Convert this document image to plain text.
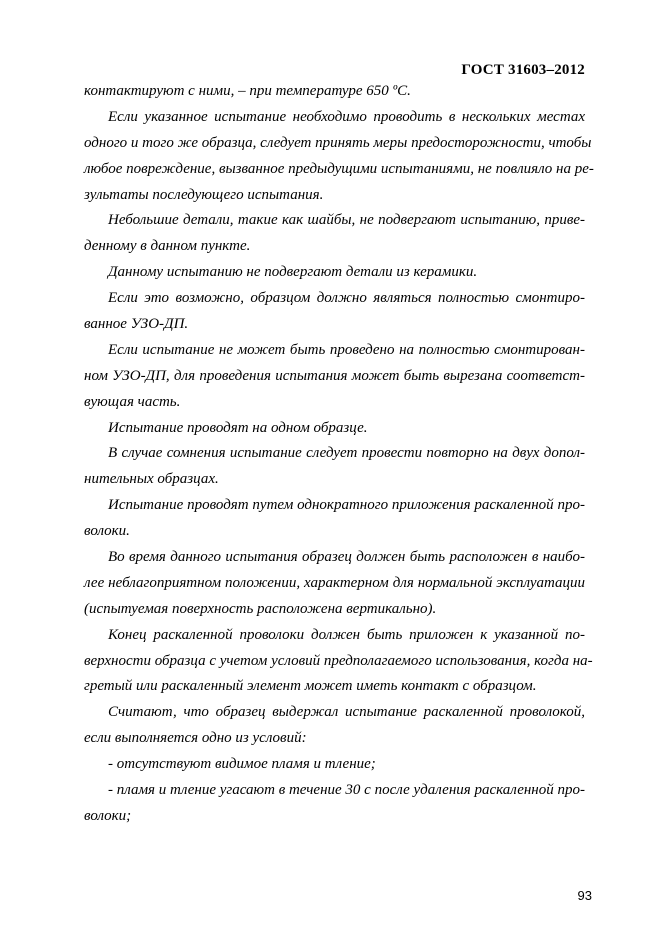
ГОСТ 31603–2012
контактируют с ними, – при температуре 650 ºС.
Если указанное испытание необходимо проводить в нескольких местах
одного и того же образца, следует принять меры предосторожности, чтобы
любое повреждение, вызванное предыдущими испытаниями, не повлияло на ре-
зультаты последующего испытания.
Небольшие детали, такие как шайбы, не подвергают испытанию, приве-
денному в данном пункте.
Данному испытанию не подвергают детали из керамики.
Если это возможно, образцом должно являться полностью смонтиро-
ванное УЗО-ДП.
Если испытание не может быть проведено на полностью смонтирован-
ном УЗО-ДП, для проведения испытания может быть вырезана соответст-
вующая часть.
Испытание проводят на одном образце.
В случае сомнения испытание следует провести повторно на двух допол-
нительных образцах.
Испытание проводят путем однократного приложения раскаленной про-
волоки.
Во время данного испытания образец должен быть расположен в наибо-
лее неблагоприятном положении, характерном для нормальной эксплуатации
(испытуемая поверхность расположена вертикально).
Конец раскаленной проволоки должен быть приложен к указанной по-
верхности образца с учетом условий предполагаемого использования, когда на-
гретый или раскаленный элемент может иметь контакт с образцом.
Считают, что образец выдержал испытание раскаленной проволокой,
если выполняется одно из условий:
- отсутствуют видимое пламя и тление;
- пламя и тление угасают в течение 30 с после удаления раскаленной про-
волоки;
93
